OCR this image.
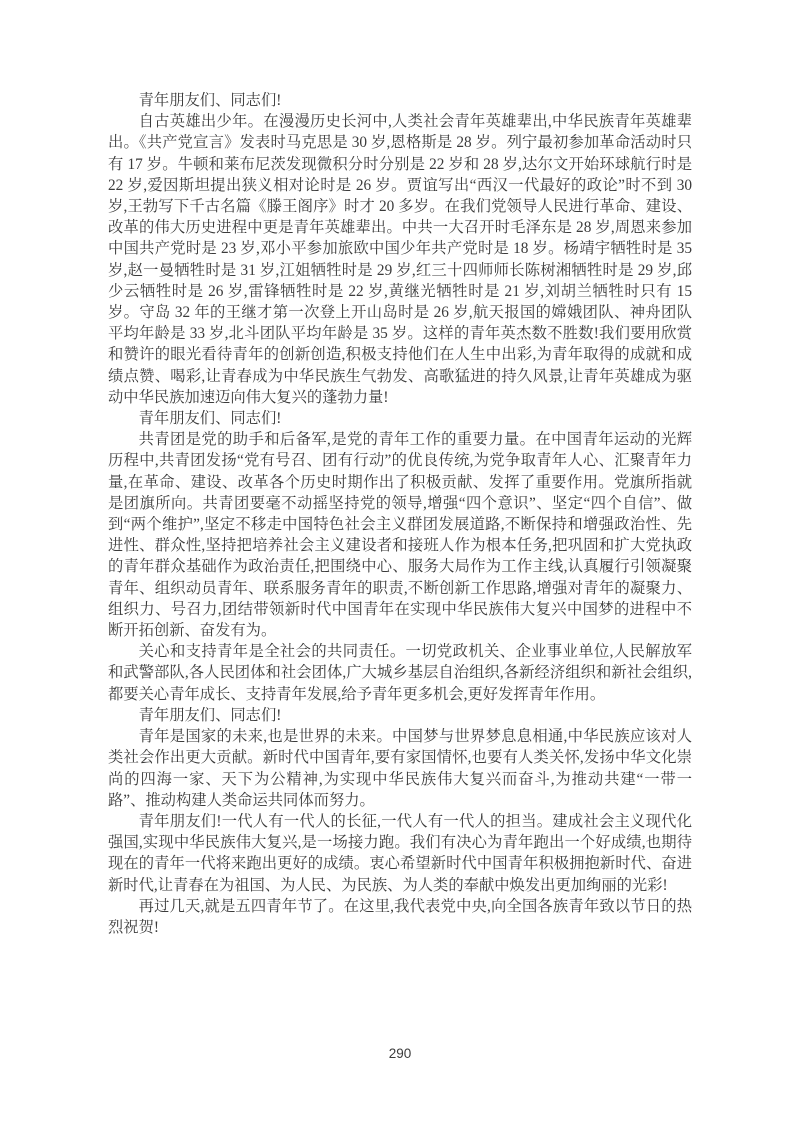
青年朋友们、同志们!

自古英雄出少年。在漫漫历史长河中,人类社会青年英雄辈出,中华民族青年英雄辈出。《共产党宣言》发表时马克思是 30 岁,恩格斯是 28 岁。列宁最初参加革命活动时只有 17 岁。牛顿和莱布尼茨发现微积分时分别是 22 岁和 28 岁,达尔文开始环球航行时是 22 岁,爱因斯坦提出狭义相对论时是 26 岁。贾谊写出“西汉一代最好的政论”时不到 30 岁,王勃写下千古名篇《滕王阁序》时才 20 多岁。在我们党领导人民进行革命、建设、改革的伟大历史进程中更是青年英雄辈出。中共一大召开时毛泽东是 28 岁,周恩来参加中国共产党时是 23 岁,邓小平参加旅欧中国少年共产党时是 18 岁。杨靖宇牺牲时是 35 岁,赵一曼牺牲时是 31 岁,江姐牺牲时是 29 岁,红三十四师师长陈树湘牺牲时是 29 岁,邱少云牺牲时是 26 岁,雷锋牺牲时是 22 岁,黄继光牺牲时是 21 岁,刘胡兰牺牲时只有 15 岁。守岛 32 年的王继才第一次登上开山岛时是 26 岁,航天报国的嫦娥团队、神舟团队平均年龄是 33 岁,北斗团队平均年龄是 35 岁。这样的青年英杰数不胜数!我们要用欣赏和赞许的眼光看待青年的创新创造,积极支持他们在人生中出彩,为青年取得的成就和成绩点赞、喝彩,让青春成为中华民族生气勃发、高歌猛进的持久风景,让青年英雄成为驱动中华民族加速迈向伟大复兴的蓬勃力量!

青年朋友们、同志们!

共青团是党的助手和后备军,是党的青年工作的重要力量。在中国青年运动的光辉历程中,共青团发扬“党有号召、团有行动”的优良传统,为党争取青年人心、汇聚青年力量,在革命、建设、改革各个历史时期作出了积极贡献、发挥了重要作用。党旗所指就是团旗所向。共青团要毫不动摇坚持党的领导,增强“四个意识”、坚定“四个自信”、做到“两个维护”,坚定不移走中国特色社会主义群团发展道路,不断保持和增强政治性、先进性、群众性,坚持把培养社会主义建设者和接班人作为根本任务,把巩固和扩大党执政的青年群众基础作为政治责任,把围绕中心、服务大局作为工作主线,认真履行引领凝聚青年、组织动员青年、联系服务青年的职责,不断创新工作思路,增强对青年的凝聚力、组织力、号召力,团结带领新时代中国青年在实现中华民族伟大复兴中国梦的进程中不断开拓创新、奋发有为。

关心和支持青年是全社会的共同责任。一切党政机关、企业事业单位,人民解放军和武警部队,各人民团体和社会团体,广大城乡基层自治组织,各新经济组织和新社会组织,都要关心青年成长、支持青年发展,给予青年更多机会,更好发挥青年作用。

青年朋友们、同志们!

青年是国家的未来,也是世界的未来。中国梦与世界梦息息相通,中华民族应该对人类社会作出更大贡献。新时代中国青年,要有家国情怀,也要有人类关怀,发扬中华文化崇尚的四海一家、天下为公精神,为实现中华民族伟大复兴而奋斗,为推动共建“一带一路”、推动构建人类命运共同体而努力。

青年朋友们!一代人有一代人的长征,一代人有一代人的担当。建成社会主义现代化强国,实现中华民族伟大复兴,是一场接力跑。我们有决心为青年跑出一个好成绩,也期待现在的青年一代将来跑出更好的成绩。衷心希望新时代中国青年积极拥抱新时代、奋进新时代,让青春在为祖国、为人民、为民族、为人类的奉献中焕发出更加绚丽的光彩!

再过几天,就是五四青年节了。在这里,我代表党中央,向全国各族青年致以节日的热烈祝贺!

290
